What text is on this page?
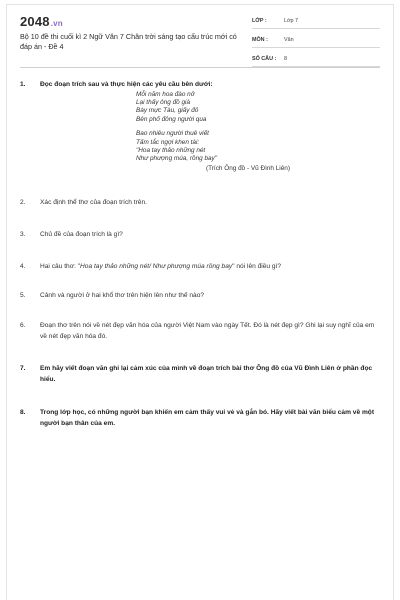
2048.vn
Bộ 10 đề thi cuối kì 2 Ngữ Văn 7 Chân trời sáng tạo cấu trúc mới có đáp án - Đề 4
LỚP :	Lớp 7
MÔN :	Văn
SỐ CÂU :	8
1.	Đọc đoạn trích sau và thực hiện các yêu cầu bên dưới:
Mỗi năm hoa đào nở
Lại thấy ông đồ già
Bày mực Tàu, giấy đỏ
Bên phố đông người qua
Bao nhiêu người thuê viết
Tấm tắc ngợi khen tài:
"Hoa tay thảo những nét
Như phượng múa, rồng bay"
(Trích Ông đồ - Vũ Đình Liên)
2.	Xác định thể thơ của đoạn trích trên.
3.	Chủ đề của đoạn trích là gì?
4.	Hai câu thơ: "Hoa tay thảo những nét/ Như phượng múa rồng bay" nói lên điều gì?
5.	Cảnh và người ở hai khổ thơ trên hiện lên như thế nào?
6.	Đoạn thơ trên nói về nét đẹp văn hóa của người Việt Nam vào ngày Tết. Đó là nét đẹp gì? Ghi lại suy nghĩ của em về nét đẹp văn hóa đó.
7.	Em hãy viết đoạn văn ghi lại cảm xúc của mình về đoạn trích bài thơ Ông đồ của Vũ Đình Liên ở phần đọc hiểu.
8.	Trong lớp học, có những người bạn khiến em cảm thấy vui vẻ và gắn bó. Hãy viết bài văn biểu cảm về một người bạn thân của em.
